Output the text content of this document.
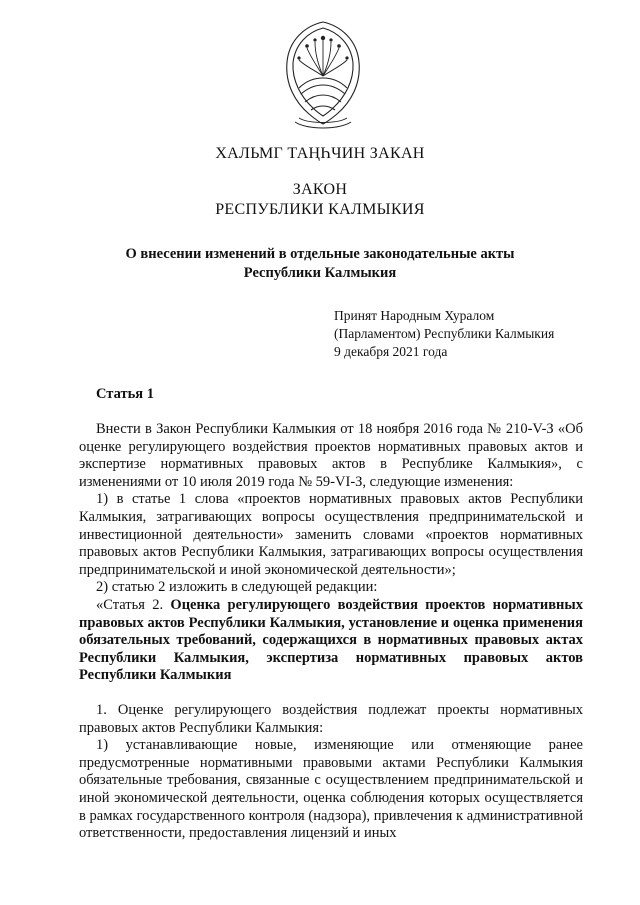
ХАЛЬМГ ТАҢҺЧИН ЗАКАН
ЗАКОН
РЕСПУБЛИКИ КАЛМЫКИЯ
О внесении изменений в отдельные законодательные акты
Республики Калмыкия
Принят Народным Хуралом
(Парламентом) Республики Калмыкия
9 декабря 2021 года
Статья 1

Внести в Закон Республики Калмыкия от 18 ноября 2016 года № 210-V-З «Об оценке регулирующего воздействия проектов нормативных правовых актов и экспертизе нормативных правовых актов в Республике Калмыкия», с изменениями от 10 июля 2019 года № 59-VI-З, следующие изменения:

1) в статье 1 слова «проектов нормативных правовых актов Республики Калмыкия, затрагивающих вопросы осуществления предпринимательской и инвестиционной деятельности» заменить словами «проектов нормативных правовых актов Республики Калмыкия, затрагивающих вопросы осуществления предпринимательской и иной экономической деятельности»;

2) статью 2 изложить в следующей редакции:

«Статья 2. Оценка регулирующего воздействия проектов нормативных правовых актов Республики Калмыкия, установление и оценка применения обязательных требований, содержащихся в нормативных правовых актах Республики Калмыкия, экспертиза нормативных правовых актов Республики Калмыкия

1. Оценке регулирующего воздействия подлежат проекты нормативных правовых актов Республики Калмыкия:

1) устанавливающие новые, изменяющие или отменяющие ранее предусмотренные нормативными правовыми актами Республики Калмыкия обязательные требования, связанные с осуществлением предпринимательской и иной экономической деятельности, оценка соблюдения которых осуществляется в рамках государственного контроля (надзора), привлечения к административной ответственности, предоставления лицензий и иных
